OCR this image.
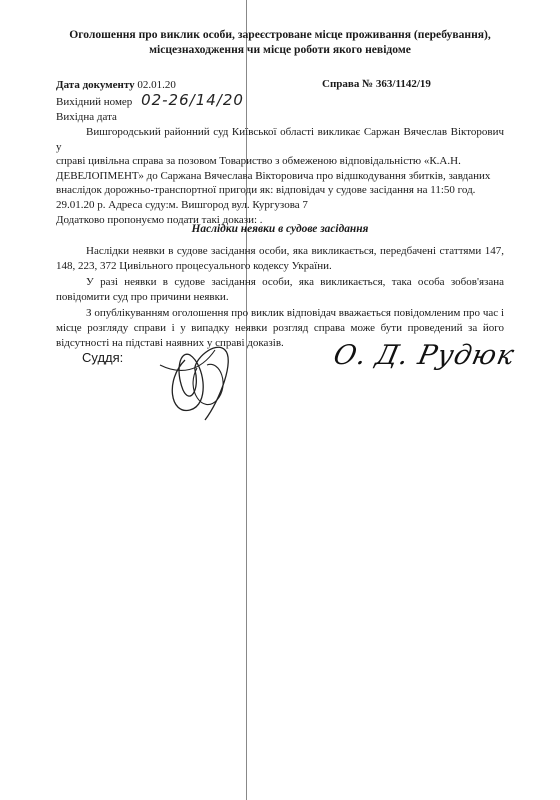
Оголошення про виклик особи, зареєстроване місце проживання (перебування),
місцезнаходження чи місце роботи якого невідоме
Дата документу 02.01.20
Вихідний номер 02-26/14/20
Вихідна дата
Справа № 363/1142/19

Вишгородський районний суд Київської області викликає Саржан Вячеслав Вікторович у

справі цивільна справа за позовом Товариство з обмеженою відповідальністю «К.А.Н.

ДЕВЕЛОПМЕНТ» до Саржана Вячеслава Вікторовича про відшкодування збитків, завданих

внаслідок дорожньо-транспортної пригоди як: відповідач у судове засідання на 11:50 год.

29.01.20 р. Адреса суду:м. Вишгород вул. Кургузова 7

Додатково пропонуємо подати такі докази: .

Наслідки неявки в судове засідання

Наслідки неявки в судове засідання особи, яка викликається, передбачені статтями 147, 148, 223, 372 Цивільного процесуального кодексу України.

У разі неявки в судове засідання особи, яка викликається, така особа зобов'язана повідомити суд про причини неявки.

З опублікуванням оголошення про виклик відповідач вважається повідомленим про час і місце розгляду справи і у випадку неявки розгляд справа може бути проведений за його відсутності на підставі наявних у справі доказів.

Суддя:	О. Д. Рудюк
